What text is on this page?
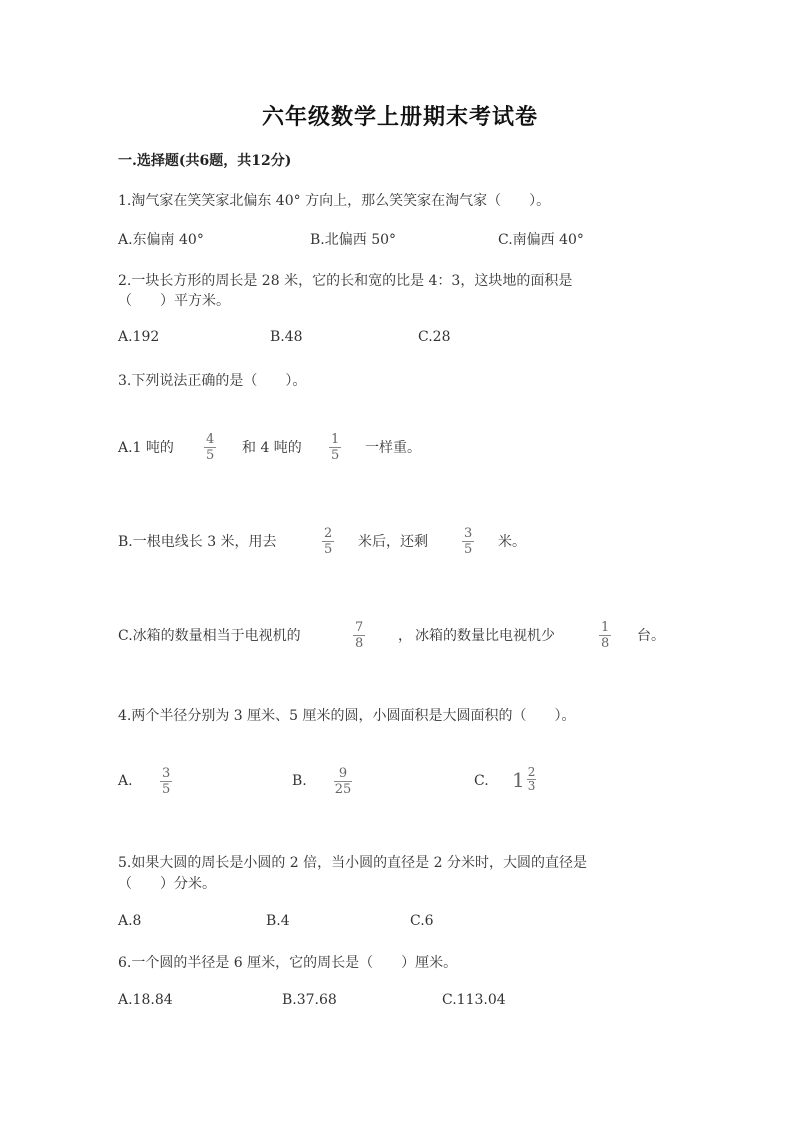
六年级数学上册期末考试卷
一.选择题(共6题，共12分)
1.淘气家在笑笑家北偏东 40° 方向上，那么笑笑家在淘气家（　　）。
A.东偏南 40°	B.北偏西 50°	C.南偏西 40°
2.一块长方形的周长是 28 米，它的长和宽的比是 4：3，这块地的面积是
（　　）平方米。
A.192	B.48	C.28
3.下列说法正确的是（　　）。
A.1 吨的
4
5 和 4 吨的
1
5 一样重。
B.一根电线长 3 米，用去
2
5 米后，还剩
3
5 米。
C.冰箱的数量相当于电视机的
7
8 ， 冰箱的数量比电视机少
1
8 台。
4.两个半径分别为 3 厘米、5 厘米的圆，小圆面积是大圆面积的（　　）。
A. 3
5
B. 9
25
C. $1 \frac{2}{3}$
5.如果大圆的周长是小圆的 2 倍，当小圆的直径是 2 分米时，大圆的直径是
（　　）分米。
A.8	B.4	C.6
6.一个圆的半径是 6 厘米，它的周长是（　　）厘米。
A.18.84	B.37.68	C.113.04
